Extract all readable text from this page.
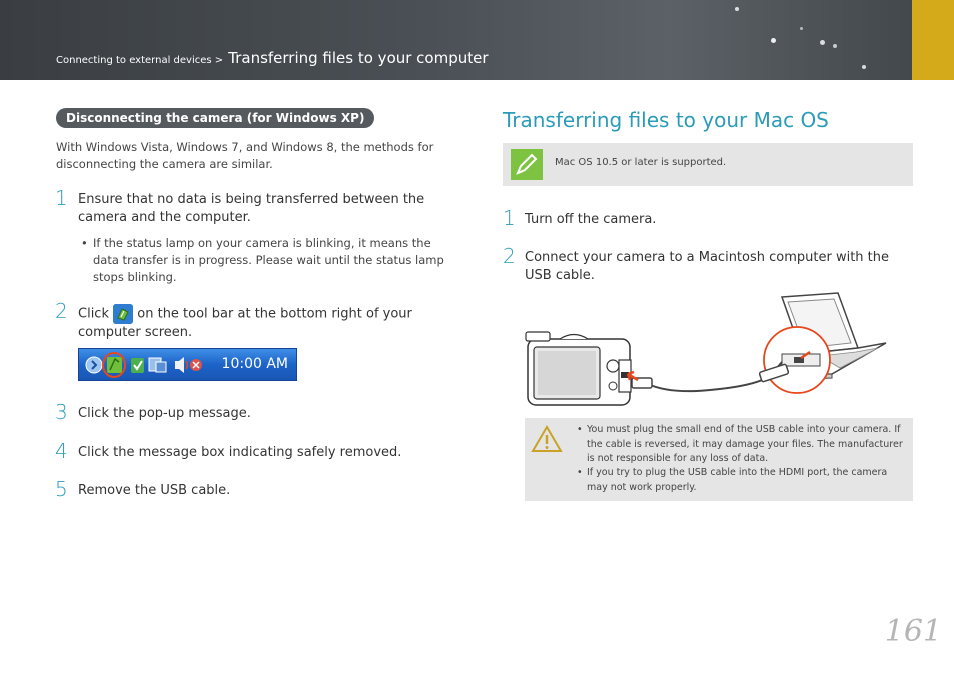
Connecting to external devices > Transferring files to your computer
Disconnecting the camera (for Windows XP)
With Windows Vista, Windows 7, and Windows 8, the methods for disconnecting the camera are similar.
1 Ensure that no data is being transferred between the camera and the computer.
• If the status lamp on your camera is blinking, it means the data transfer is in progress. Please wait until the status lamp stops blinking.
2 Click on the tool bar at the bottom right of your computer screen.
10:00 AM
3 Click the pop-up message.
4 Click the message box indicating safely removed.
5 Remove the USB cable.
Transferring files to your Mac OS
Mac OS 10.5 or later is supported.
1 Turn off the camera.
2 Connect your camera to a Macintosh computer with the USB cable.
• You must plug the small end of the USB cable into your camera. If the cable is reversed, it may damage your files. The manufacturer is not responsible for any loss of data.
• If you try to plug the USB cable into the HDMI port, the camera may not work properly.
161
